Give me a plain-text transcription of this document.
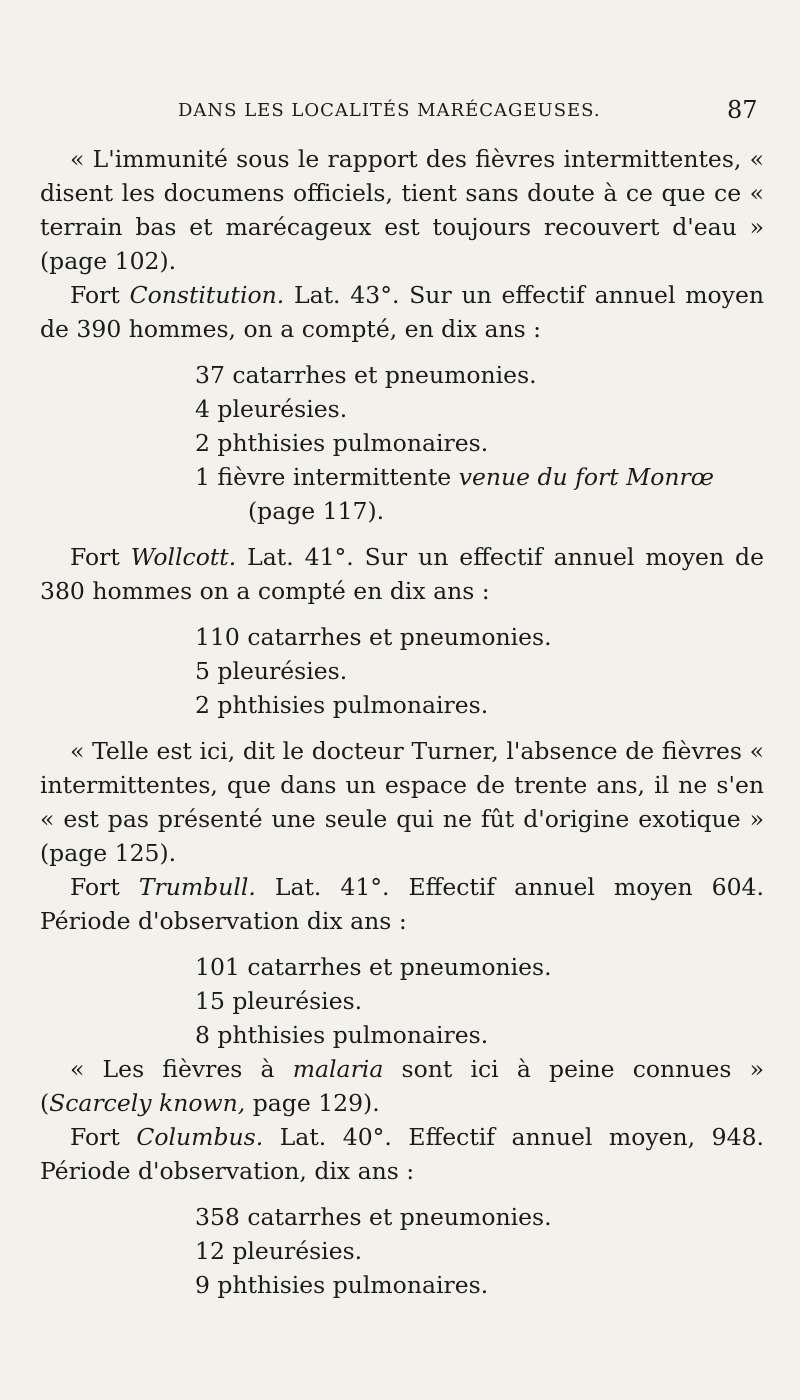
DANS LES LOCALITÉS MARÉCAGEUSES.	87
« L'immunité sous le rapport des fièvres intermittentes, « disent les documens officiels, tient sans doute à ce que ce « terrain bas et marécageux est toujours recouvert d'eau » (page 102).
Fort Constitution. Lat. 43°. Sur un effectif annuel moyen de 390 hommes, on a compté, en dix ans :
37 catarrhes et pneumonies.
4 pleurésies.
2 phthisies pulmonaires.
1 fièvre intermittente venue du fort Monrœ
(page 117).
Fort Wollcott. Lat. 41°. Sur un effectif annuel moyen de 380 hommes on a compté en dix ans :
110 catarrhes et pneumonies.
5 pleurésies.
2 phthisies pulmonaires.
« Telle est ici, dit le docteur Turner, l'absence de fièvres « intermittentes, que dans un espace de trente ans, il ne s'en « est pas présenté une seule qui ne fût d'origine exotique » (page 125).
Fort Trumbull. Lat. 41°. Effectif annuel moyen 604. Période d'observation dix ans :
101 catarrhes et pneumonies.
15 pleurésies.
8 phthisies pulmonaires.
« Les fièvres à malaria sont ici à peine connues » (Scarcely known, page 129).
Fort Columbus. Lat. 40°. Effectif annuel moyen, 948. Période d'observation, dix ans :
358 catarrhes et pneumonies.
12 pleurésies.
9 phthisies pulmonaires.
